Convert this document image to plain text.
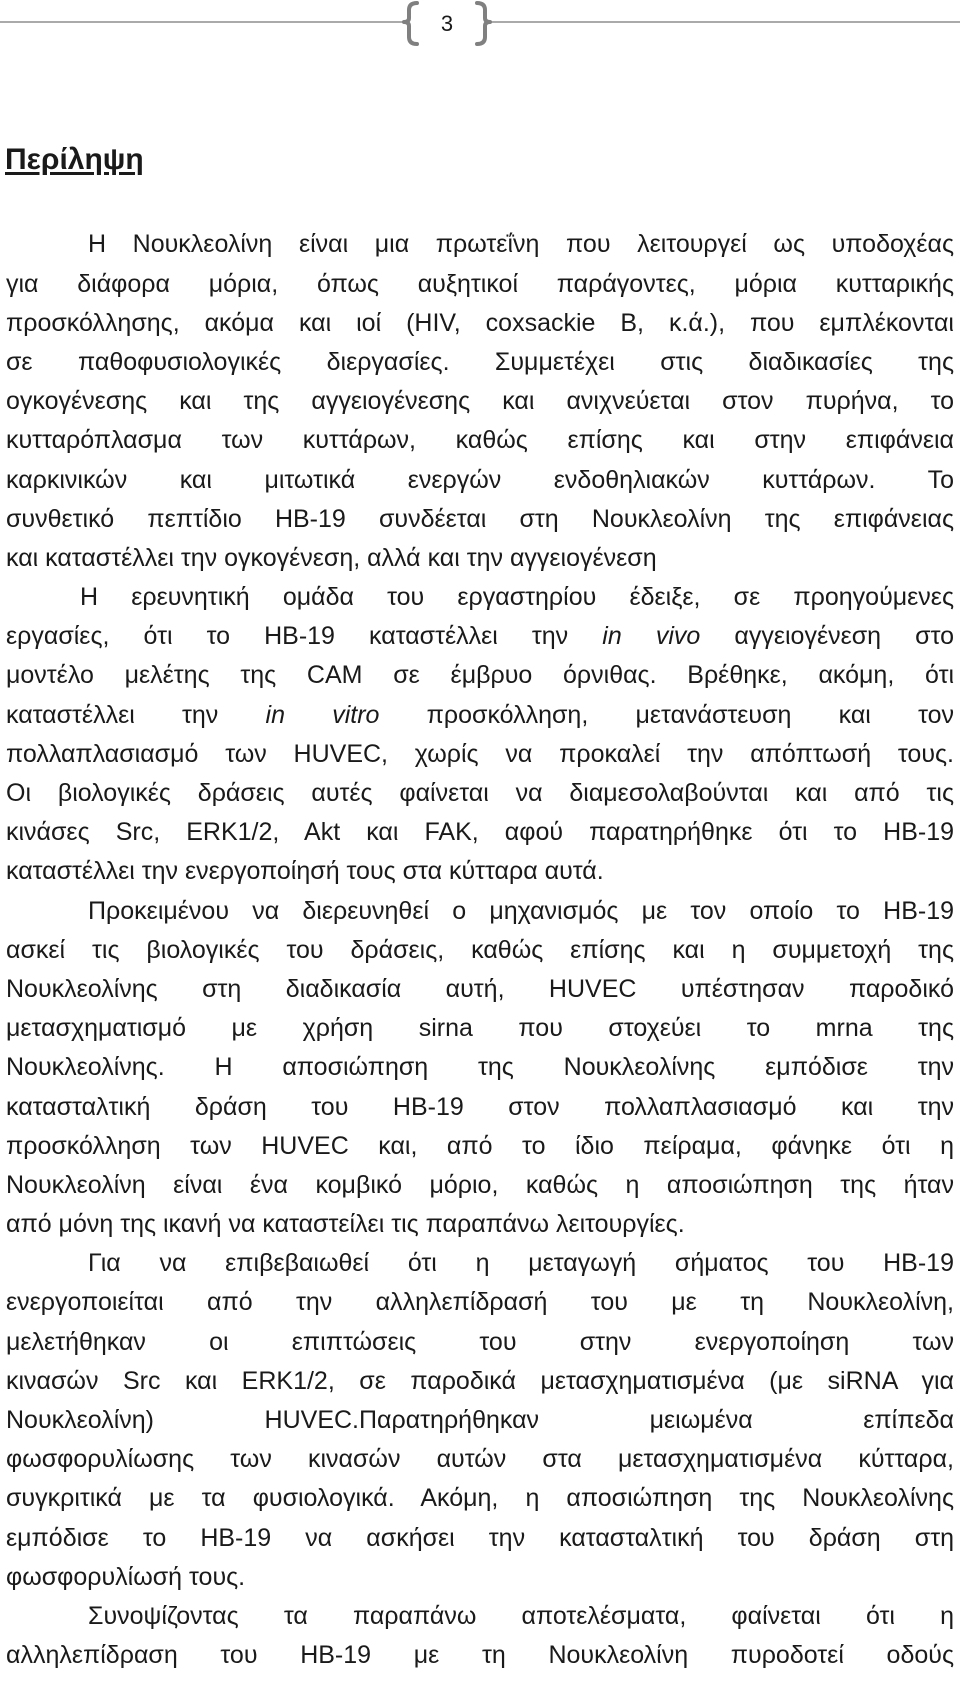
3
Περίληψη
Η Νουκλεολίνη είναι μια πρωτεΐνη που λειτουργεί ως υποδοχέας
για διάφορα μόρια, όπως αυξητικοί παράγοντες, μόρια κυτταρικής
προσκόλλησης, ακόμα και ιοί (HIV, coxsackie B, κ.ά.), που εμπλέκονται
σε παθοφυσιολογικές διεργασίες. Συμμετέχει στις διαδικασίες της
ογκογένεσης και της αγγειογένεσης και ανιχνεύεται στον πυρήνα, το
κυτταρόπλασμα των κυττάρων, καθώς επίσης και στην επιφάνεια
καρκινικών και μιτωτικά ενεργών ενδοθηλιακών κυττάρων. Το
συνθετικό πεπτίδιο HB-19 συνδέεται στη Νουκλεολίνη της επιφάνειας
και καταστέλλει την ογκογένεση, αλλά και την αγγειογένεση
Η ερευνητική ομάδα του εργαστηρίου έδειξε, σε προηγούμενες
εργασίες, ότι το HB-19 καταστέλλει την in vivo αγγειογένεση στο
μοντέλο μελέτης της CAM σε έμβρυο όρνιθας. Βρέθηκε, ακόμη, ότι
καταστέλλει την in vitro προσκόλληση, μετανάστευση και τον
πολλαπλασιασμό των HUVEC, χωρίς να προκαλεί την απόπτωσή τους.
Οι βιολογικές δράσεις αυτές φαίνεται να διαμεσολαβούνται και από τις
κινάσες Src, ERK1/2, Akt και FAK, αφού παρατηρήθηκε ότι το HB-19
καταστέλλει την ενεργοποίησή τους στα κύτταρα αυτά.
Προκειμένου να διερευνηθεί ο μηχανισμός με τον οποίο το HB-19
ασκεί τις βιολογικές του δράσεις, καθώς επίσης και η συμμετοχή της
Νουκλεολίνης στη διαδικασία αυτή, HUVEC υπέστησαν παροδικό
μετασχηματισμό με χρήση sirna που στοχεύει το mrna της
Νουκλεολίνης. Η αποσιώπηση της Νουκλεολίνης εμπόδισε την
κατασταλτική δράση του HB-19 στον πολλαπλασιασμό και την
προσκόλληση των HUVEC και, από το ίδιο πείραμα, φάνηκε ότι η
Νουκλεολίνη είναι ένα κομβικό μόριο, καθώς η αποσιώπηση της ήταν
από μόνη της ικανή να καταστείλει τις παραπάνω λειτουργίες.
Για να επιβεβαιωθεί ότι η μεταγωγή σήματος του HB-19
ενεργοποιείται από την αλληλεπίδρασή του με τη Νουκλεολίνη,
μελετήθηκαν οι επιπτώσεις του στην ενεργοποίηση των
κινασών Src και ERK1/2, σε παροδικά μετασχηματισμένα (με siRNA για
Νουκλεολίνη) HUVEC.Παρατηρήθηκαν μειωμένα επίπεδα
φωσφορυλίωσης των κινασών αυτών στα μετασχηματισμένα κύτταρα,
συγκριτικά με τα φυσιολογικά. Ακόμη, η αποσιώπηση της Νουκλεολίνης
εμπόδισε το HB-19 να ασκήσει την κατασταλτική του δράση στη
φωσφορυλίωσή τους.
Συνοψίζοντας τα παραπάνω αποτελέσματα, φαίνεται ότι η
αλληλεπίδραση του HB-19 με τη Νουκλεολίνη πυροδοτεί οδούς
